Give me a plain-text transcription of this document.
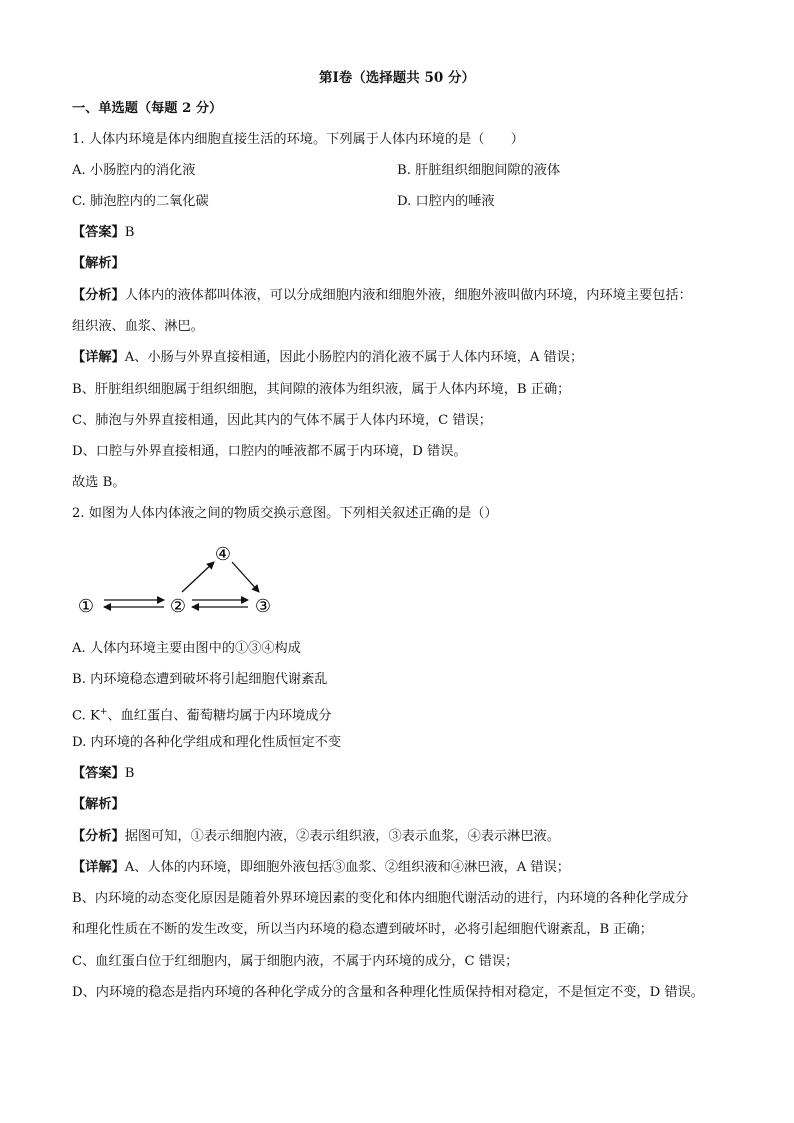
第Ⅰ卷（选择题共 50 分）
一、单选题（每题 2 分）
1. 人体内环境是体内细胞直接生活的环境。下列属于人体内环境的是（　　）
A. 小肠腔内的消化液	B. 肝脏组织细胞间隙的液体
C. 肺泡腔内的二氧化碳	D. 口腔内的唾液
【答案】B
【解析】
【分析】人体内的液体都叫体液，可以分成细胞内液和细胞外液，细胞外液叫做内环境，内环境主要包括：
组织液、血浆、淋巴。
【详解】A、小肠与外界直接相通，因此小肠腔内的消化液不属于人体内环境，A 错误；
B、肝脏组织细胞属于组织细胞，其间隙的液体为组织液，属于人体内环境，B 正确；
C、肺泡与外界直接相通，因此其内的气体不属于人体内环境，C 错误；
D、口腔与外界直接相通，口腔内的唾液都不属于内环境，D 错误。
故选 B。
2. 如图为人体内体液之间的物质交换示意图。下列相关叙述正确的是（）
①	②	③
④
A. 人体内环境主要由图中的①③④构成
B. 内环境稳态遭到破坏将引起细胞代谢紊乱
C. K+、血红蛋白、葡萄糖均属于内环境成分
D. 内环境的各种化学组成和理化性质恒定不变
【答案】B
【解析】
【分析】据图可知，①表示细胞内液，②表示组织液，③表示血浆，④表示淋巴液。
【详解】A、人体的内环境，即细胞外液包括③血浆、②组织液和④淋巴液，A 错误；
B、内环境的动态变化原因是随着外界环境因素的变化和体内细胞代谢活动的进行，内环境的各种化学成分
和理化性质在不断的发生改变，所以当内环境的稳态遭到破坏时，必将引起细胞代谢紊乱，B 正确；
C、血红蛋白位于红细胞内，属于细胞内液，不属于内环境的成分，C 错误；
D、内环境的稳态是指内环境的各种化学成分的含量和各种理化性质保持相对稳定，不是恒定不变，D 错误。
